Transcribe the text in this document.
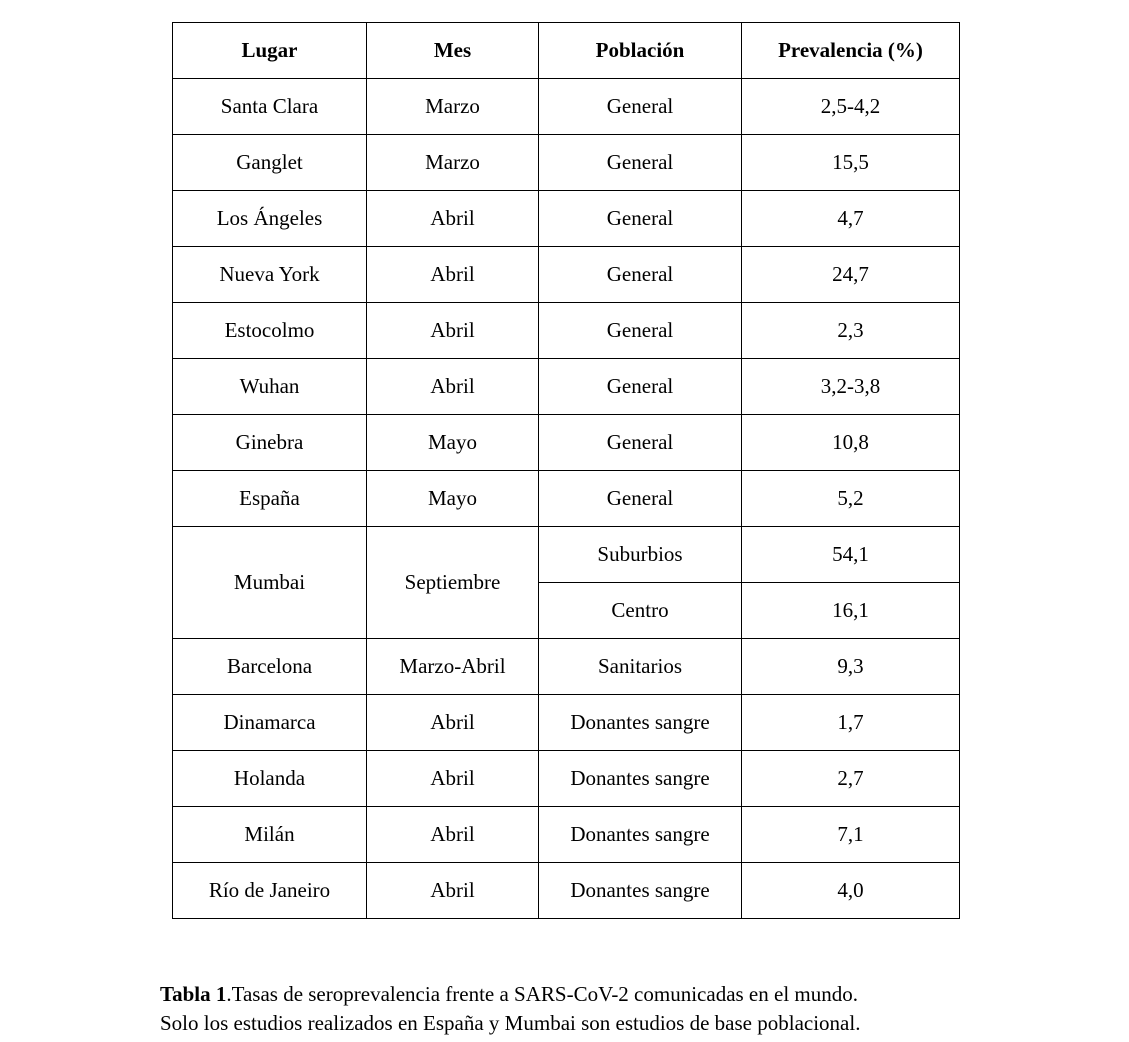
Lugar	Mes	Población	Prevalencia (%)
Santa Clara	Marzo	General	2,5-4,2
Ganglet	Marzo	General	15,5
Los Ángeles	Abril	General	4,7
Nueva York	Abril	General	24,7
Estocolmo	Abril	General	2,3
Wuhan	Abril	General	3,2-3,8
Ginebra	Mayo	General	10,8
España	Mayo	General	5,2
Mumbai	Septiembre	Suburbios	54,1
		Centro	16,1
Barcelona	Marzo-Abril	Sanitarios	9,3
Dinamarca	Abril	Donantes sangre	1,7
Holanda	Abril	Donantes sangre	2,7
Milán	Abril	Donantes sangre	7,1
Río de Janeiro	Abril	Donantes sangre	4,0
Tabla 1.Tasas de seroprevalencia frente a SARS-CoV-2 comunicadas en el mundo.
Solo los estudios realizados en España y Mumbai son estudios de base poblacional.
